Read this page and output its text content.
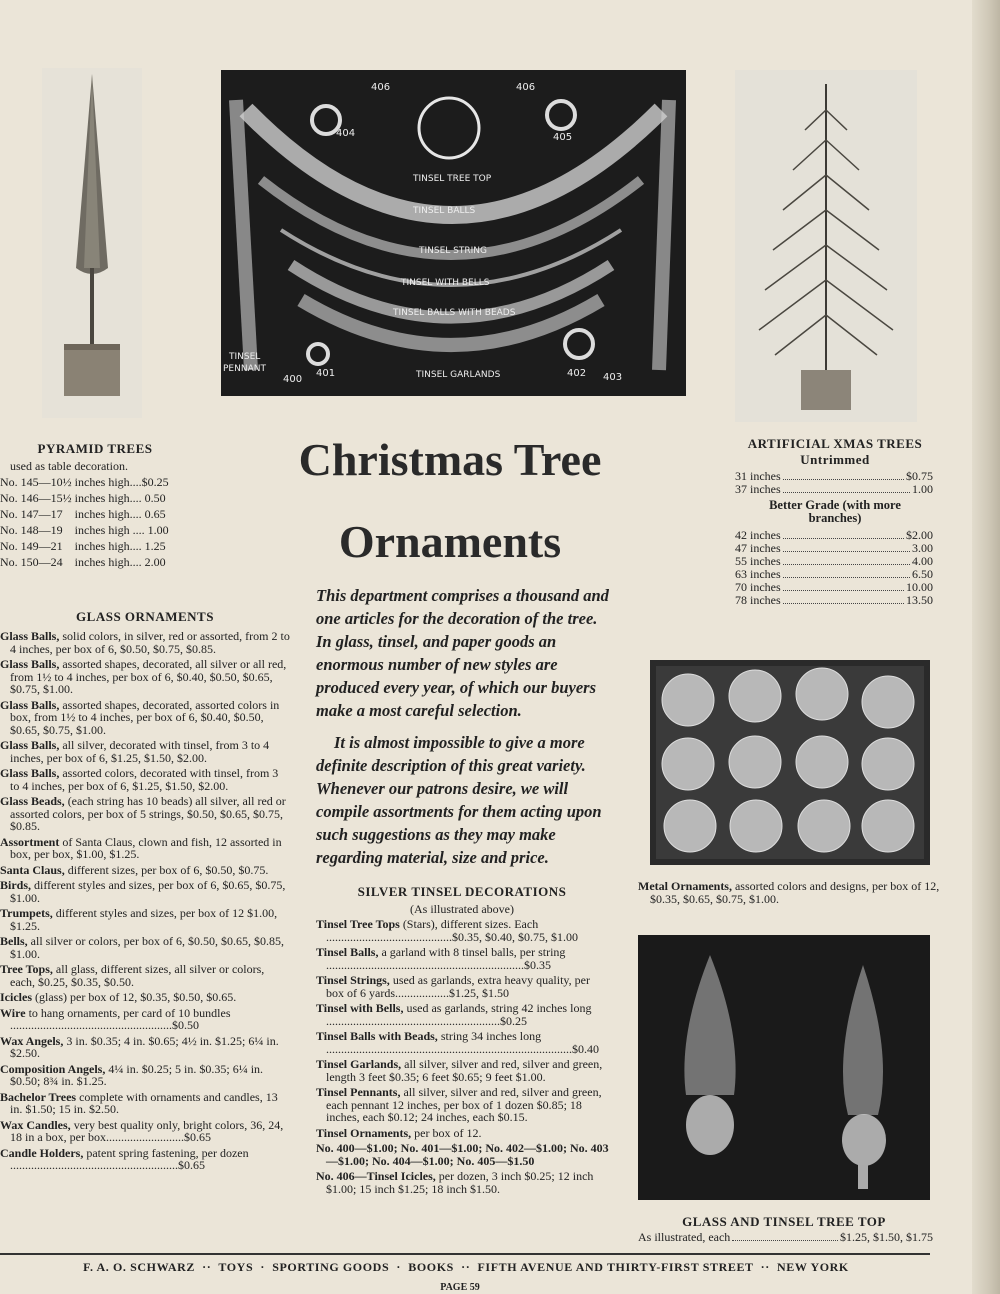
406	406
404	405
TINSEL TREE TOP
TINSEL BALLS
TINSEL STRING
TINSEL WITH BELLS
TINSEL BALLS WITH BEADS
TINSEL
PENNANT
400
401	TINSEL GARLANDS	402 403
PYRAMID TREES
used as table decoration.
No. 145—10½	inches high....$0.25
No. 146—15½	inches high.... 0.50
No. 147—17	inches high.... 0.65
No. 148—19	inches high .... 1.00
No. 149—21	inches high.... 1.25
No. 150—24	inches high.... 2.00
GLASS ORNAMENTS
Glass Balls, solid colors, in silver, red or assorted, from 2 to 4 inches, per box of 6, $0.50, $0.75, $0.85.
Glass Balls, assorted shapes, decorated, all silver or all red, from 1½ to 4 inches, per box of 6, $0.40, $0.50, $0.65, $0.75, $1.00.
Glass Balls, assorted shapes, decorated, assorted colors in box, from 1½ to 4 inches, per box of 6, $0.40, $0.50, $0.65, $0.75, $1.00.
Glass Balls, all silver, decorated with tinsel, from 3 to 4 inches, per box of 6, $1.25, $1.50, $2.00.
Glass Balls, assorted colors, decorated with tinsel, from 3 to 4 inches, per box of 6, $1.25, $1.50, $2.00.
Glass Beads, (each string has 10 beads) all silver, all red or assorted colors, per box of 5 strings, $0.50, $0.65, $0.75, $0.85.
Assortment of Santa Claus, clown and fish, 12 assorted in box, per box, $1.00, $1.25.
Santa Claus, different sizes, per box of 6, $0.50, $0.75.
Birds, different styles and sizes, per box of 6, $0.65, $0.75, $1.00.
Trumpets, different styles and sizes, per box of 12 $1.00, $1.25.
Bells, all silver or colors, per box of 6, $0.50, $0.65, $0.85, $1.00.
Tree Tops, all glass, different sizes, all silver or colors, each, $0.25, $0.35, $0.50.
Icicles (glass) per box of 12, $0.35, $0.50, $0.65.
Wire to hang ornaments, per card of 10 bundles ......................................................$0.50
Wax Angels, 3 in. $0.35; 4 in. $0.65; 4½ in. $1.25; 6¼ in. $2.50.
Composition Angels, 4¼ in. $0.25; 5 in. $0.35; 6¼ in. $0.50; 8¾ in. $1.25.
Bachelor Trees complete with ornaments and candles, 13 in. $1.50; 15 in. $2.50.
Wax Candles, very best quality only, bright colors, 36, 24, 18 in a box, per box..........................$0.65
Candle Holders, patent spring fastening, per dozen ........................................................$0.65
Christmas Tree
Ornaments

This department comprises a thousand and one articles for the decoration of the tree. In glass, tinsel, and paper goods an enormous number of new styles are produced every year, of which our buyers make a most careful selection.

It is almost impossible to give a more definite description of this great variety. Whenever our patrons desire, we will compile assortments for them acting upon such suggestions as they may make regarding material, size and price.

SILVER TINSEL DECORATIONS
(As illustrated above)
Tinsel Tree Tops (Stars), different sizes. Each ..........................................$0.35, $0.40, $0.75, $1.00
Tinsel Balls, a garland with 8 tinsel balls, per string ..................................................................$0.35
Tinsel Strings, used as garlands, extra heavy quality, per box of 6 yards..................$1.25, $1.50
Tinsel with Bells, used as garlands, string 42 inches long ..........................................................$0.25
Tinsel Balls with Beads, string 34 inches long ..................................................................................$0.40
Tinsel Garlands, all silver, silver and red, silver and green, length 3 feet $0.35; 6 feet $0.65; 9 feet $1.00.
Tinsel Pennants, all silver, silver and red, silver and green, each pennant 12 inches, per box of 1 dozen $0.85; 18 inches, each $0.12; 24 inches, each $0.15.
Tinsel Ornaments, per box of 12.
No. 400—$1.00; No. 401—$1.00; No. 402—$1.00; No. 403—$1.00; No. 404—$1.00; No. 405—$1.50
No. 406—Tinsel Icicles, per dozen, 3 inch $0.25; 12 inch $1.00; 15 inch $1.25; 18 inch $1.50.
ARTIFICIAL XMAS TREES
Untrimmed
31 inches	$0.75
37 inches	1.00
Better Grade (with more branches)
42 inches	$2.00
47 inches	3.00
55 inches	4.00
63 inches	6.50
70 inches	10.00
78 inches	13.50
Metal Ornaments, assorted colors and designs, per box of 12, $0.35, $0.65, $0.75, $1.00.
GLASS AND TINSEL TREE TOP
As illustrated, each	$1.25, $1.50, $1.75
F. A. O. SCHWARZ  ··  TOYS  ·  SPORTING GOODS  ·  BOOKS  ··  FIFTH AVENUE AND THIRTY-FIRST STREET  ··  NEW YORK
PAGE 59
